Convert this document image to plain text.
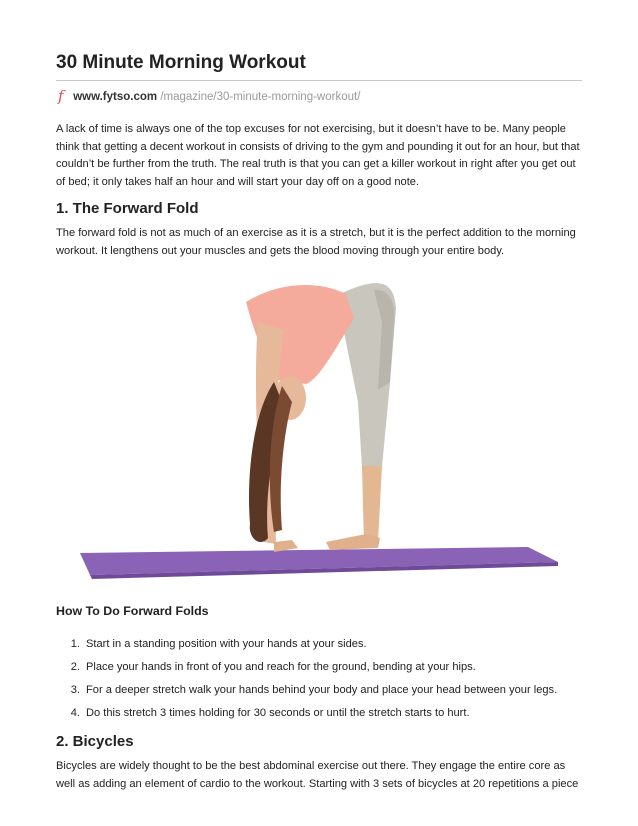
30 Minute Morning Workout
f www.fytso.com /magazine/30-minute-morning-workout/

A lack of time is always one of the top excuses for not exercising, but it doesn’t have to be. Many people think that getting a decent workout in consists of driving to the gym and pounding it out for an hour, but that couldn’t be further from the truth. The real truth is that you can get a killer workout in right after you get out of bed; it only takes half an hour and will start your day off on a good note.

1. The Forward Fold

The forward fold is not as much of an exercise as it is a stretch, but it is the perfect addition to the morning workout. It lengthens out your muscles and gets the blood moving through your entire body.

How To Do Forward Folds
1. Start in a standing position with your hands at your sides.
2. Place your hands in front of you and reach for the ground, bending at your hips.
3. For a deeper stretch walk your hands behind your body and place your head between your legs.
4. Do this stretch 3 times holding for 30 seconds or until the stretch starts to hurt.
2. Bicycles

Bicycles are widely thought to be the best abdominal exercise out there. They engage the entire core as well as adding an element of cardio to the workout. Starting with 3 sets of bicycles at 20 repetitions a piece
